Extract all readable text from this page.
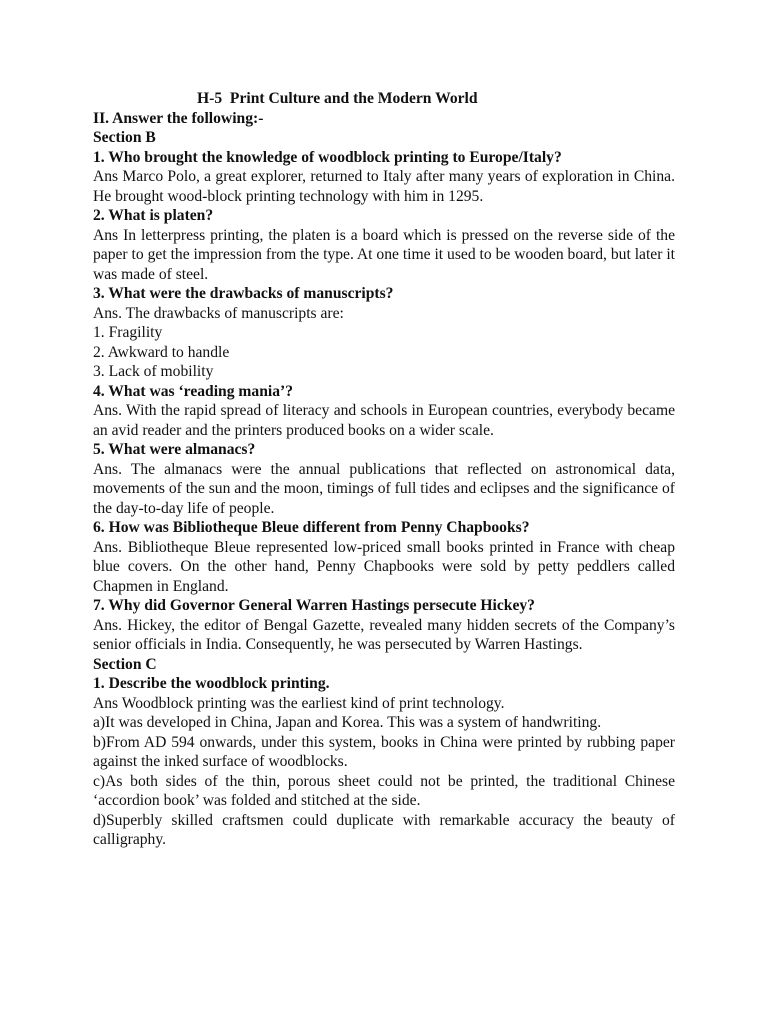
H-5  Print Culture and the Modern World
II. Answer the following:-
Section B
1. Who brought the knowledge of woodblock printing to Europe/Italy?
Ans Marco Polo, a great explorer, returned to Italy after many years of exploration in China. He brought wood-block printing technology with him in 1295.
2. What is platen?
Ans In letterpress printing, the platen is a board which is pressed on the reverse side of the paper to get the impression from the type. At one time it used to be wooden board, but later it was made of steel.
3. What were the drawbacks of manuscripts?
Ans. The drawbacks of manuscripts are:
1. Fragility
2. Awkward to handle
3. Lack of mobility
4. What was ‘reading mania’?
Ans. With the rapid spread of literacy and schools in European countries, everybody became an avid reader and the printers produced books on a wider scale.
5. What were almanacs?
Ans. The almanacs were the annual publications that reflected on astronomical data, movements of the sun and the moon, timings of full tides and eclipses and the significance of the day-to-day life of people.
6. How was Bibliotheque Bleue different from Penny Chapbooks?
Ans. Bibliotheque Bleue represented low-priced small books printed in France with cheap blue covers. On the other hand, Penny Chapbooks were sold by petty peddlers called Chapmen in England.
7. Why did Governor General Warren Hastings persecute Hickey?
Ans. Hickey, the editor of Bengal Gazette, revealed many hidden secrets of the Company’s senior officials in India. Consequently, he was persecuted by Warren Hastings.
Section C
1. Describe the woodblock printing.
Ans Woodblock printing was the earliest kind of print technology.
a)It was developed in China, Japan and Korea. This was a system of handwriting.
b)From AD 594 onwards, under this system, books in China were printed by rubbing paper against the inked surface of woodblocks.
c)As both sides of the thin, porous sheet could not be printed, the traditional Chinese ‘accordion book’ was folded and stitched at the side.
d)Superbly skilled craftsmen could duplicate with remarkable accuracy the beauty of calligraphy.
